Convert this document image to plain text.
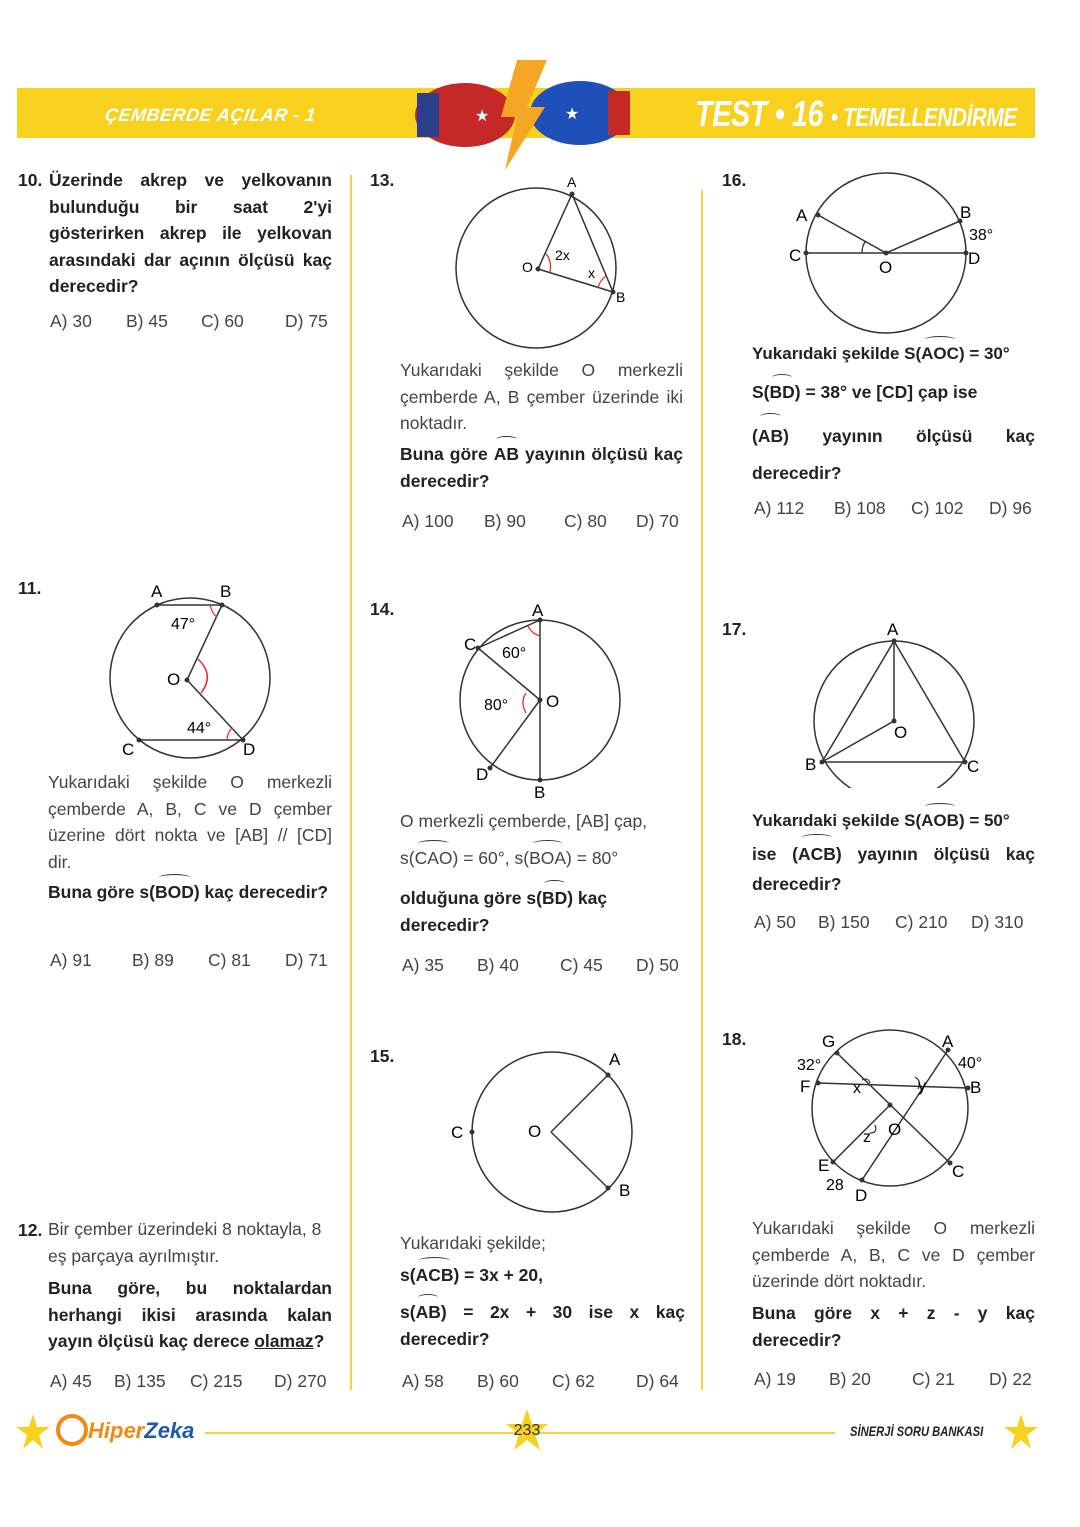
ÇEMBERDE AÇILAR - 1	TEST • 16 • TEMELLENDİRME
★	★
10. Üzerinde akrep ve yelkovanın bulunduğu bir saat 2'yi gösterirken akrep ile yelkovan arasındaki dar açının ölçüsü kaç derecedir?
A) 30 B) 45 C) 60 D) 75
11.	A	B
C	D
O
47°
44°
Yukarıdaki şekilde O merkezli çemberde A, B, C ve D çember üzerine dört nokta ve [AB] // [CD] dir.
Buna göre s(BOD) kaç derecedir?
A) 91 B) 89 C) 81 D) 71
12. Bir çember üzerindeki 8 noktayla, 8 eş parçaya ayrılmıştır.
Buna göre, bu noktalardan herhangi ikisi arasında kalan yayın ölçüsü kaç derece olamaz?
A) 45 B) 135 C) 215 D) 270
13.	A
B
O
2x
x
Yukarıdaki şekilde O merkezli çemberde A, B çember üzerinde iki noktadır.
Buna göre AB yayının ölçüsü kaç derecedir?
A) 100 B) 90 C) 80 D) 70
14.	A
B
C
D
O
60°
80°
O merkezli çemberde, [AB] çap,
s(CAO) = 60°, s(BOA) = 80°
olduğuna göre s(BD) kaç derecedir?
A) 35 B) 40 C) 45 D) 50
15.	A
B
C	O
Yukarıdaki şekilde;
s(ACB) = 3x + 20,
s(AB) = 2x + 30 ise x kaç derecedir?
A) 58 B) 60 C) 62 D) 64
16.
A	B
C	D
O
38°
Yukarıdaki şekilde S(AOC) = 30°
S(BD) = 38° ve [CD] çap ise
(AB) yayının ölçüsü kaç derecedir?
A) 112 B) 108 C) 102 D) 96
17.	A
B	C
O
Yukarıdaki şekilde S(AOB) = 50°
ise (ACB) yayının ölçüsü kaç derecedir?
A) 50 B) 150 C) 210 D) 310
18.	A
B
C
D
E
F
G
O
x	y
z
32°	40°
28
Yukarıdaki şekilde O merkezli çemberde A, B, C ve D çember üzerinde dört noktadır.
Buna göre x + z - y kaç derecedir?
A) 19 B) 20 C) 21 D) 22
HiperZeka	233	SİNERJİ SORU BANKASI
